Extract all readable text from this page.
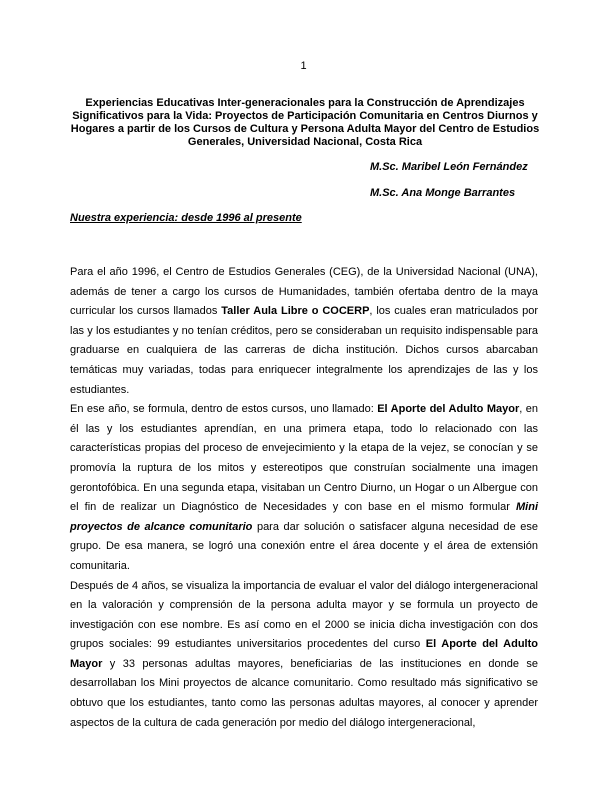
1
Experiencias Educativas Inter-generacionales para la Construcción de Aprendizajes Significativos para la Vida: Proyectos de Participación Comunitaria en Centros Diurnos y Hogares a partir de los Cursos de Cultura y Persona Adulta Mayor del Centro de Estudios Generales, Universidad Nacional, Costa Rica
M.Sc. Maribel León Fernández
M.Sc. Ana Monge Barrantes
Nuestra experiencia: desde 1996 al presente

Para el año 1996, el Centro de Estudios Generales (CEG), de la Universidad Nacional (UNA), además de tener a cargo los cursos de Humanidades, también ofertaba dentro de la maya curricular los cursos llamados Taller Aula Libre o COCERP, los cuales eran matriculados por las y los estudiantes y no tenían créditos, pero se consideraban un requisito indispensable para graduarse en cualquiera de las carreras de dicha institución. Dichos cursos abarcaban temáticas muy variadas, todas para enriquecer integralmente los aprendizajes de las y los estudiantes.

En ese año, se formula, dentro de estos cursos, uno llamado: El Aporte del Adulto Mayor, en él las y los estudiantes aprendían, en una primera etapa, todo lo relacionado con las características propias del proceso de envejecimiento y la etapa de la vejez, se conocían y se promovía la ruptura de los mitos y estereotipos que construían socialmente una imagen gerontofóbica. En una segunda etapa, visitaban un Centro Diurno, un Hogar o un Albergue con el fin de realizar un Diagnóstico de Necesidades y con base en el mismo formular Mini proyectos de alcance comunitario para dar solución o satisfacer alguna necesidad de ese grupo. De esa manera, se logró una conexión entre el área docente y el área de extensión comunitaria.

Después de 4 años, se visualiza la importancia de evaluar el valor del diálogo intergeneracional en la valoración y comprensión de la persona adulta mayor y se formula un proyecto de investigación con ese nombre. Es así como en el 2000 se inicia dicha investigación con dos grupos sociales: 99 estudiantes universitarios procedentes del curso El Aporte del Adulto Mayor y 33 personas adultas mayores, beneficiarias de las instituciones en donde se desarrollaban los Mini proyectos de alcance comunitario. Como resultado más significativo se obtuvo que los estudiantes, tanto como las personas adultas mayores, al conocer y aprender aspectos de la cultura de cada generación por medio del diálogo intergeneracional,
